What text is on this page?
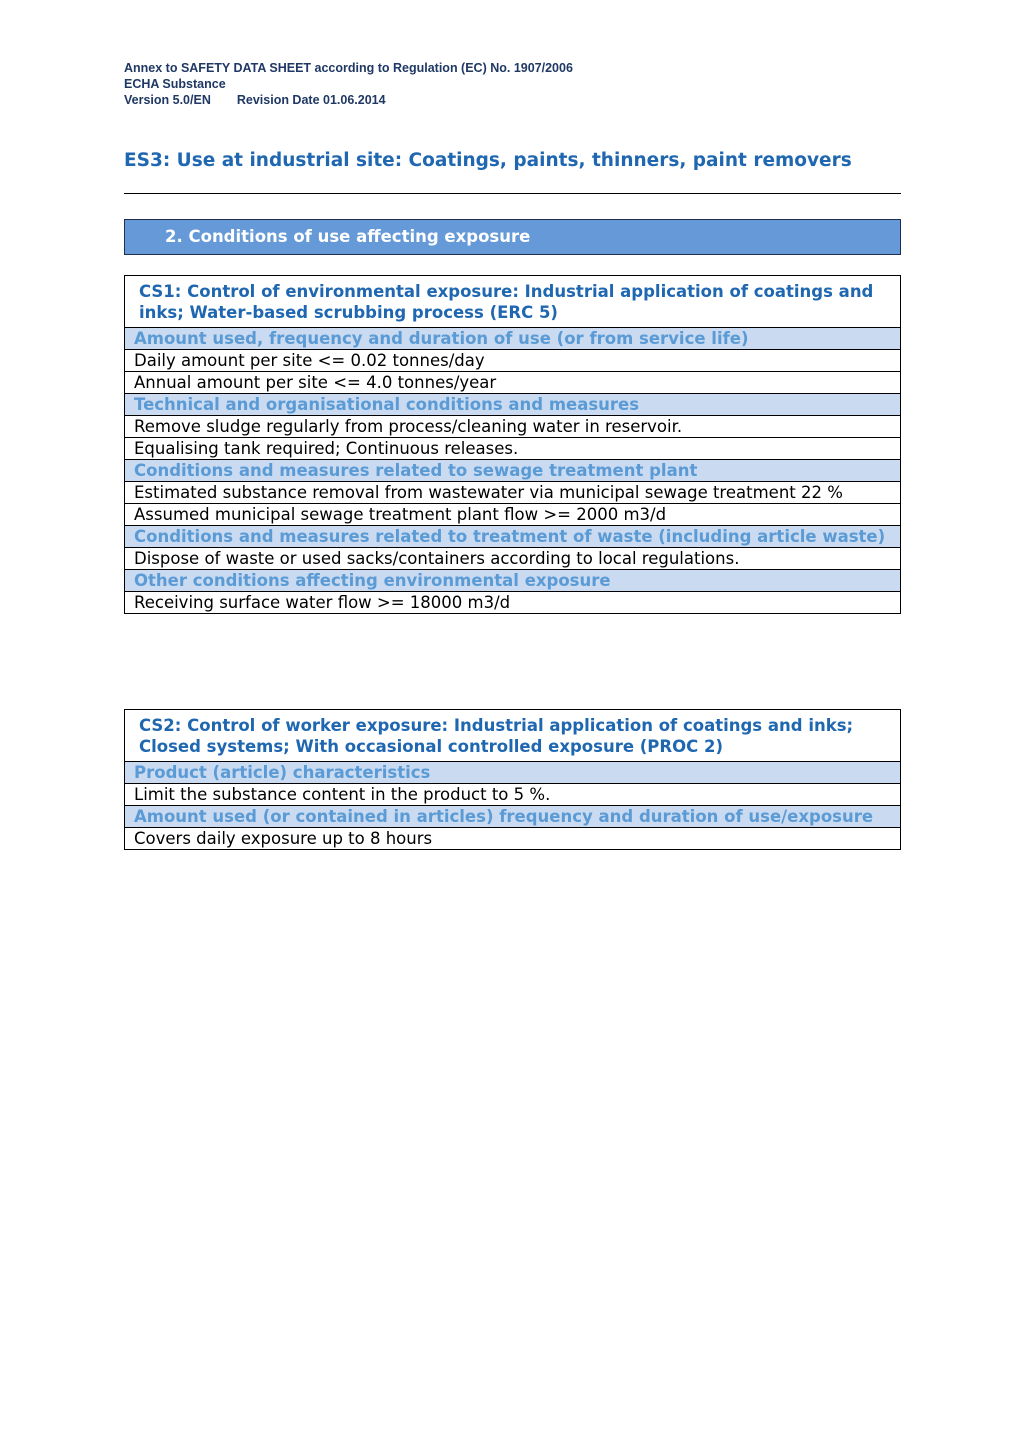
Annex to SAFETY DATA SHEET according to Regulation (EC) No. 1907/2006
ECHA Substance
Version 5.0/EN Revision Date 01.06.2014
ES3: Use at industrial site: Coatings, paints, thinners, paint removers
2. Conditions of use affecting exposure
CS1: Control of environmental exposure: Industrial application of coatings and inks; Water-based scrubbing process (ERC 5)
Amount used, frequency and duration of use (or from service life)
Daily amount per site <= 0.02 tonnes/day
Annual amount per site <= 4.0 tonnes/year
Technical and organisational conditions and measures
Remove sludge regularly from process/cleaning water in reservoir.
Equalising tank required; Continuous releases.
Conditions and measures related to sewage treatment plant
Estimated substance removal from wastewater via municipal sewage treatment 22 %
Assumed municipal sewage treatment plant flow >= 2000 m3/d
Conditions and measures related to treatment of waste (including article waste)
Dispose of waste or used sacks/containers according to local regulations.
Other conditions affecting environmental exposure
Receiving surface water flow >= 18000 m3/d
CS2: Control of worker exposure: Industrial application of coatings and inks; Closed systems; With occasional controlled exposure (PROC 2)
Product (article) characteristics
Limit the substance content in the product to 5 %.
Amount used (or contained in articles) frequency and duration of use/exposure
Covers daily exposure up to 8 hours
